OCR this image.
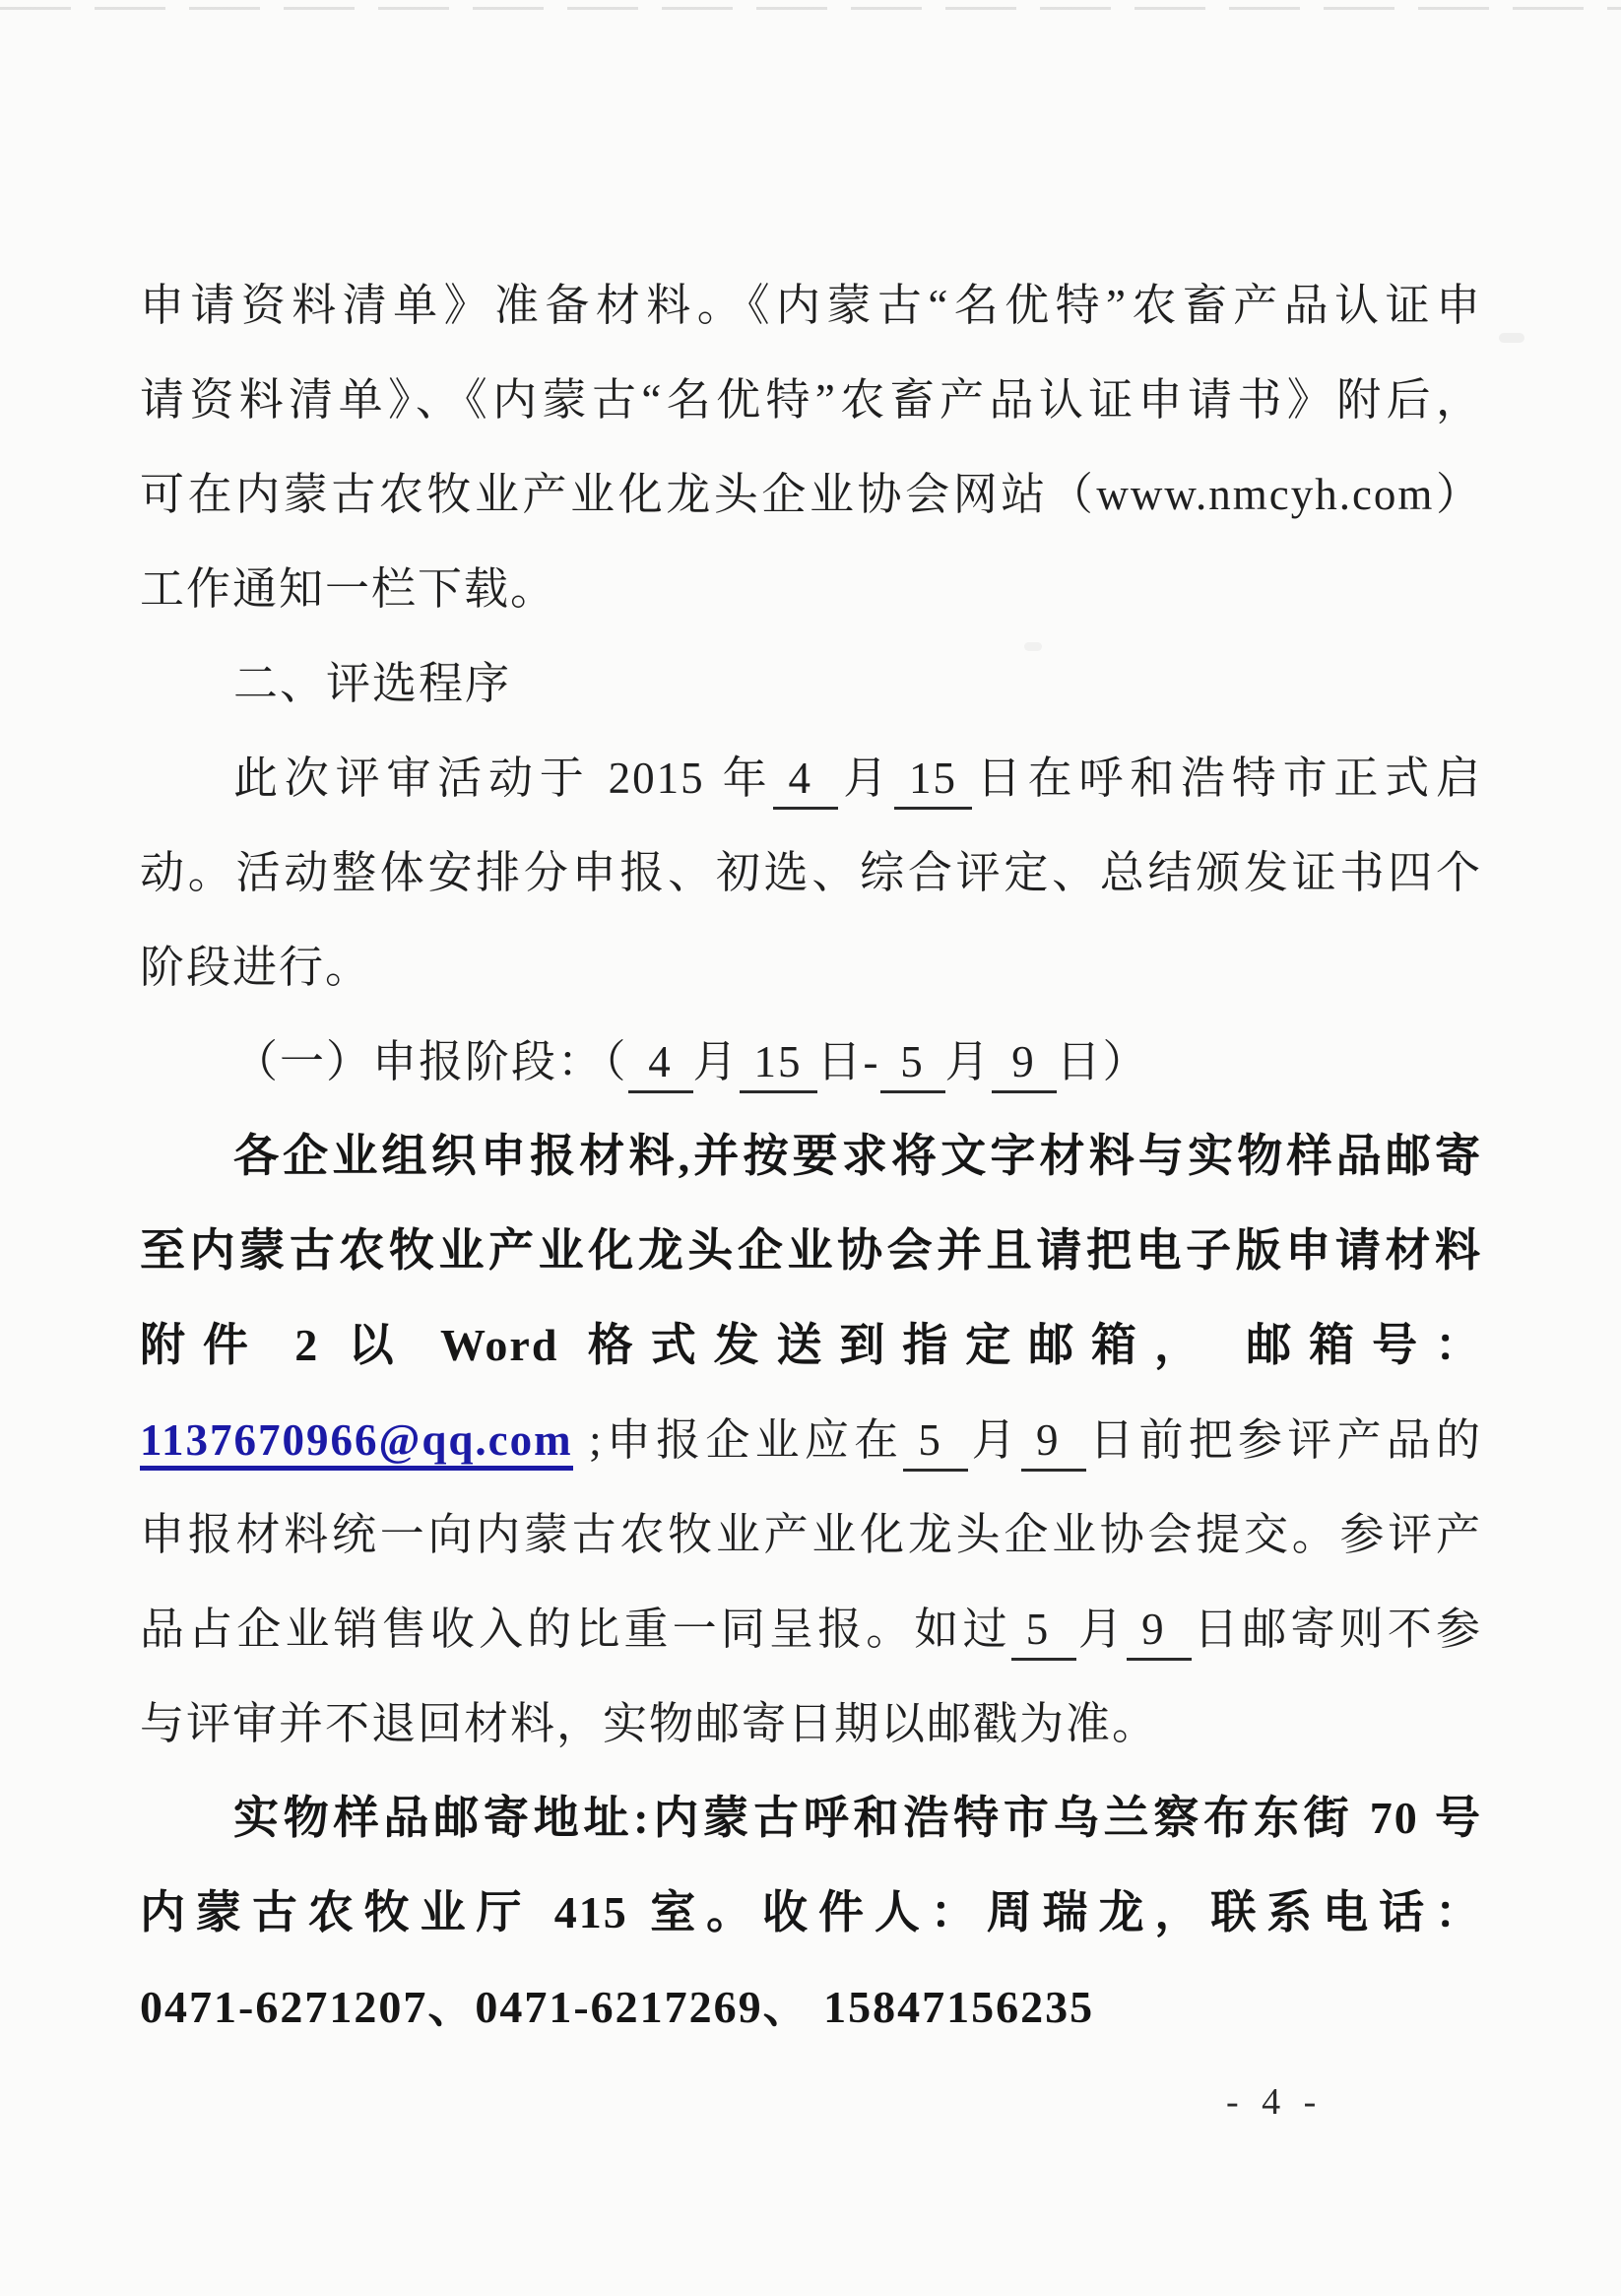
申请资料清单》准备材料。《内蒙古“名优特”农畜产品认证申
请资料清单》、《内蒙古“名优特”农畜产品认证申请书》附后，
可在内蒙古农牧业产业化龙头企业协会网站（www.nmcyh.com）
工作通知一栏下载。
二、评选程序
此次评审活动于 2015 年 4 月 15 日在呼和浩特市正式启
动。活动整体安排分申报、初选、综合评定、总结颁发证书四个
阶段进行。
（一）申报阶段：（ 4 月 15 日- 5 月 9 日）
各企业组织申报材料,并按要求将文字材料与实物样品邮寄
至内蒙古农牧业产业化龙头企业协会并且请把电子版申请材料
附件 2 以 Word 格式发送到指定邮箱， 邮箱号：
1137670966@qq.com ;申报企业应在 5 月 9 日前把参评产品的
申报材料统一向内蒙古农牧业产业化龙头企业协会提交。参评产
品占企业销售收入的比重一同呈报。如过 5 月 9 日邮寄则不参
与评审并不退回材料，实物邮寄日期以邮戳为准。
实物样品邮寄地址:内蒙古呼和浩特市乌兰察布东街 70 号
内蒙古农牧业厅 415 室。收件人：周瑞龙，联系电话：
0471-6271207、0471-6217269、 15847156235
- 4 -
